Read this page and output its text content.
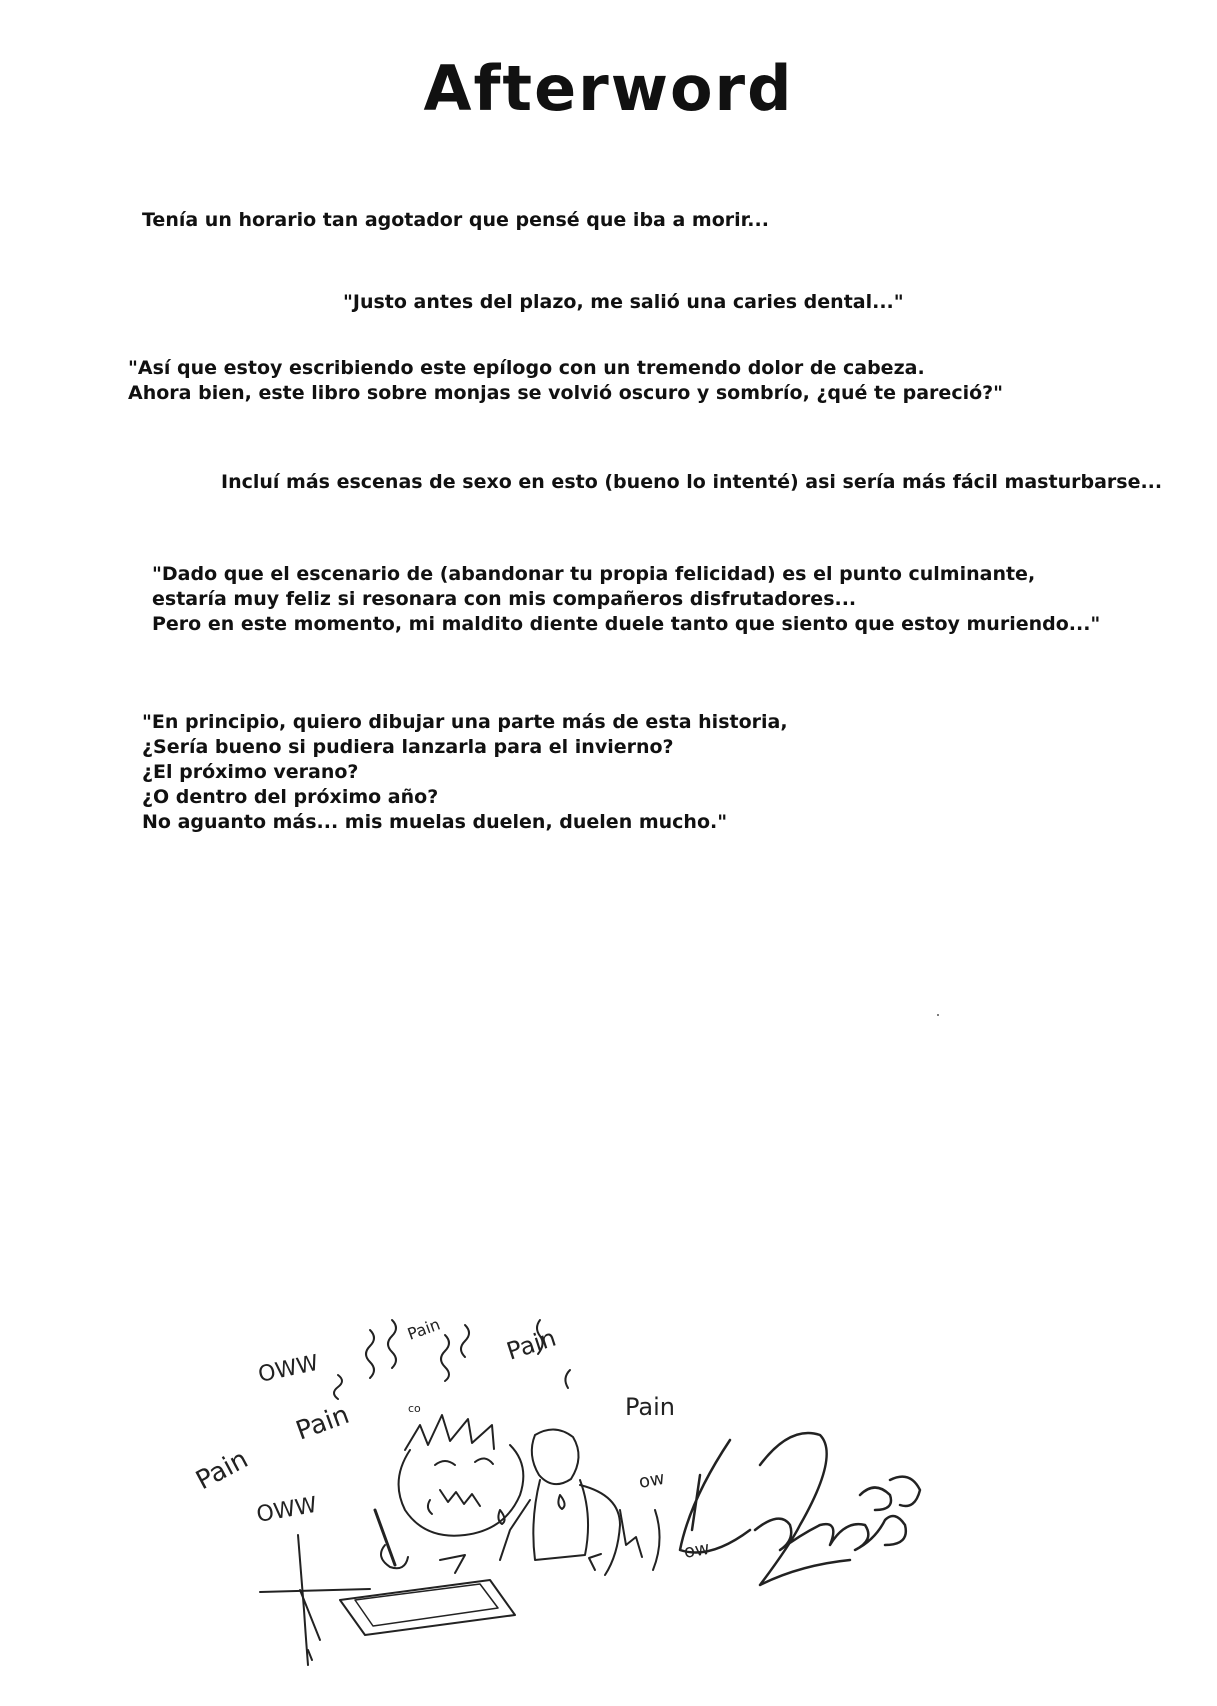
Afterword

Tenía un horario tan agotador que pensé que iba a morir...

"Justo antes del plazo, me salió una caries dental..."

"Así que estoy escribiendo este epílogo con un tremendo dolor de cabeza.
Ahora bien, este libro sobre monjas se volvió oscuro y sombrío, ¿qué te pareció?"

Incluí más escenas de sexo en esto (bueno lo intenté) asi sería más fácil masturbarse...

"Dado que el escenario de (abandonar tu propia felicidad) es el punto culminante,
estaría muy feliz si resonara con mis compañeros disfrutadores...
Pero en este momento, mi maldito diente duele tanto que siento que estoy muriendo..."

"En principio, quiero dibujar una parte más de esta historia,
¿Sería bueno si pudiera lanzarla para el invierno?
¿El próximo verano?
¿O dentro del próximo año?
No aguanto más... mis muelas duelen, duelen mucho."

OWW
Pain	Pain
Pain
Pain
Pain
OWW
ow
ow
co
Tawao
